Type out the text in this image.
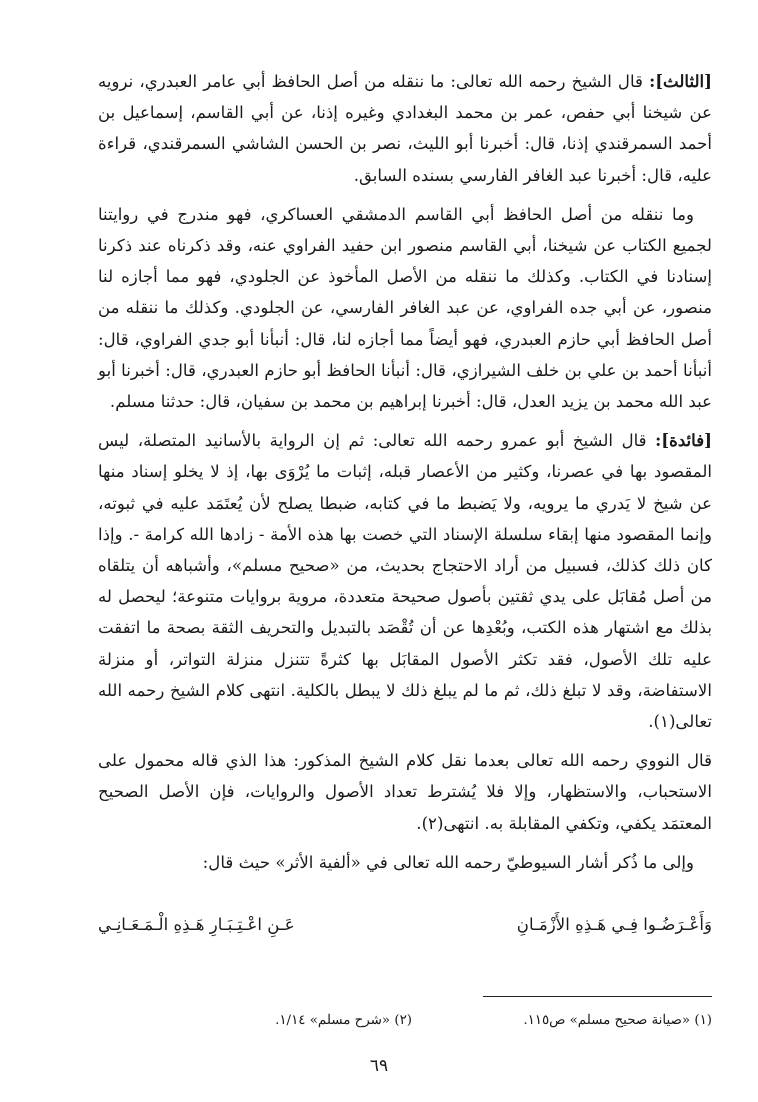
[الثالث]: قال الشيخ رحمه الله تعالى: ما ننقله من أصل الحافظ أبي عامر العبدري، نرويه عن شيخنا أبي حفص، عمر بن محمد البغدادي وغيره إذنا، عن أبي القاسم، إسماعيل بن أحمد السمرقندي إذنا، قال: أخبرنا أبو الليث، نصر بن الحسن الشاشي السمرقندي، قراءة عليه، قال: أخبرنا عبد الغافر الفارسي بسنده السابق.

وما ننقله من أصل الحافظ أبي القاسم الدمشقي العساكري، فهو مندرج في روايتنا لجميع الكتاب عن شيخنا، أبي القاسم منصور ابن حفيد الفراوي عنه، وقد ذكرناه عند ذكرنا إسنادنا في الكتاب. وكذلك ما ننقله من الأصل المأخوذ عن الجلودي، فهو مما أجازه لنا منصور، عن أبي جده الفراوي، عن عبد الغافر الفارسي، عن الجلودي. وكذلك ما ننقله من أصل الحافظ أبي حازم العبدري، فهو أيضاً مما أجازه لنا، قال: أنبأنا أبو جدي الفراوي، قال: أنبأنا أحمد بن علي بن خلف الشيرازي، قال: أنبأنا الحافظ أبو حازم العبدري، قال: أخبرنا أبو عبد الله محمد بن يزيد العدل، قال: أخبرنا إبراهيم بن محمد بن سفيان، قال: حدثنا مسلم.

[فائدة]: قال الشيخ أبو عمرو رحمه الله تعالى: ثم إن الرواية بالأسانيد المتصلة، ليس المقصود بها في عصرنا، وكثير من الأعصار قبله، إثبات ما يُرْوَى بها، إذ لا يخلو إسناد منها عن شيخ لا يَدري ما يرويه، ولا يَضبط ما في كتابه، ضبطا يصلح لأن يُعتَمَد عليه في ثبوته، وإنما المقصود منها إبقاء سلسلة الإسناد التي خصت بها هذه الأمة - زادها الله كرامة -. وإذا كان ذلك كذلك، فسبيل من أراد الاحتجاج بحديث، من «صحيح مسلم»، وأشباهه أن يتلقاه من أصل مُقابَل على يدي ثقتين بأصول صحيحة متعددة، مروية بروايات متنوعة؛ ليحصل له بذلك مع اشتهار هذه الكتب، وبُعْدِها عن أن تُقْصَد بالتبديل والتحريف الثقة بصحة ما اتفقت عليه تلك الأصول، فقد تكثر الأصول المقابَل بها كثرةً تتنزل منزلة التواتر، أو منزلة الاستفاضة، وقد لا تبلغ ذلك، ثم ما لم يبلغ ذلك لا يبطل بالكلية. انتهى كلام الشيخ رحمه الله تعالى(١).

قال النووي رحمه الله تعالى بعدما نقل كلام الشيخ المذكور: هذا الذي قاله محمول على الاستحباب، والاستظهار، وإلا فلا يُشترط تعداد الأصول والروايات، فإن الأصل الصحيح المعتمَد يكفي، وتكفي المقابلة به. انتهى(٢).

وإلى ما ذُكر أشار السيوطيّ رحمه الله تعالى في «ألفية الأثر» حيث قال:

وَأَعْـرَضُـوا فِـي هَـذِهِ الأَزْمَـانِ
عَـنِ اعْـتِـبَـارِ هَـذِهِ الْـمَـعَـانِـي
(١) «صيانة صحيح مسلم» ص١١٥.
(٢) «شرح مسلم» ١/١٤.
٦٩
